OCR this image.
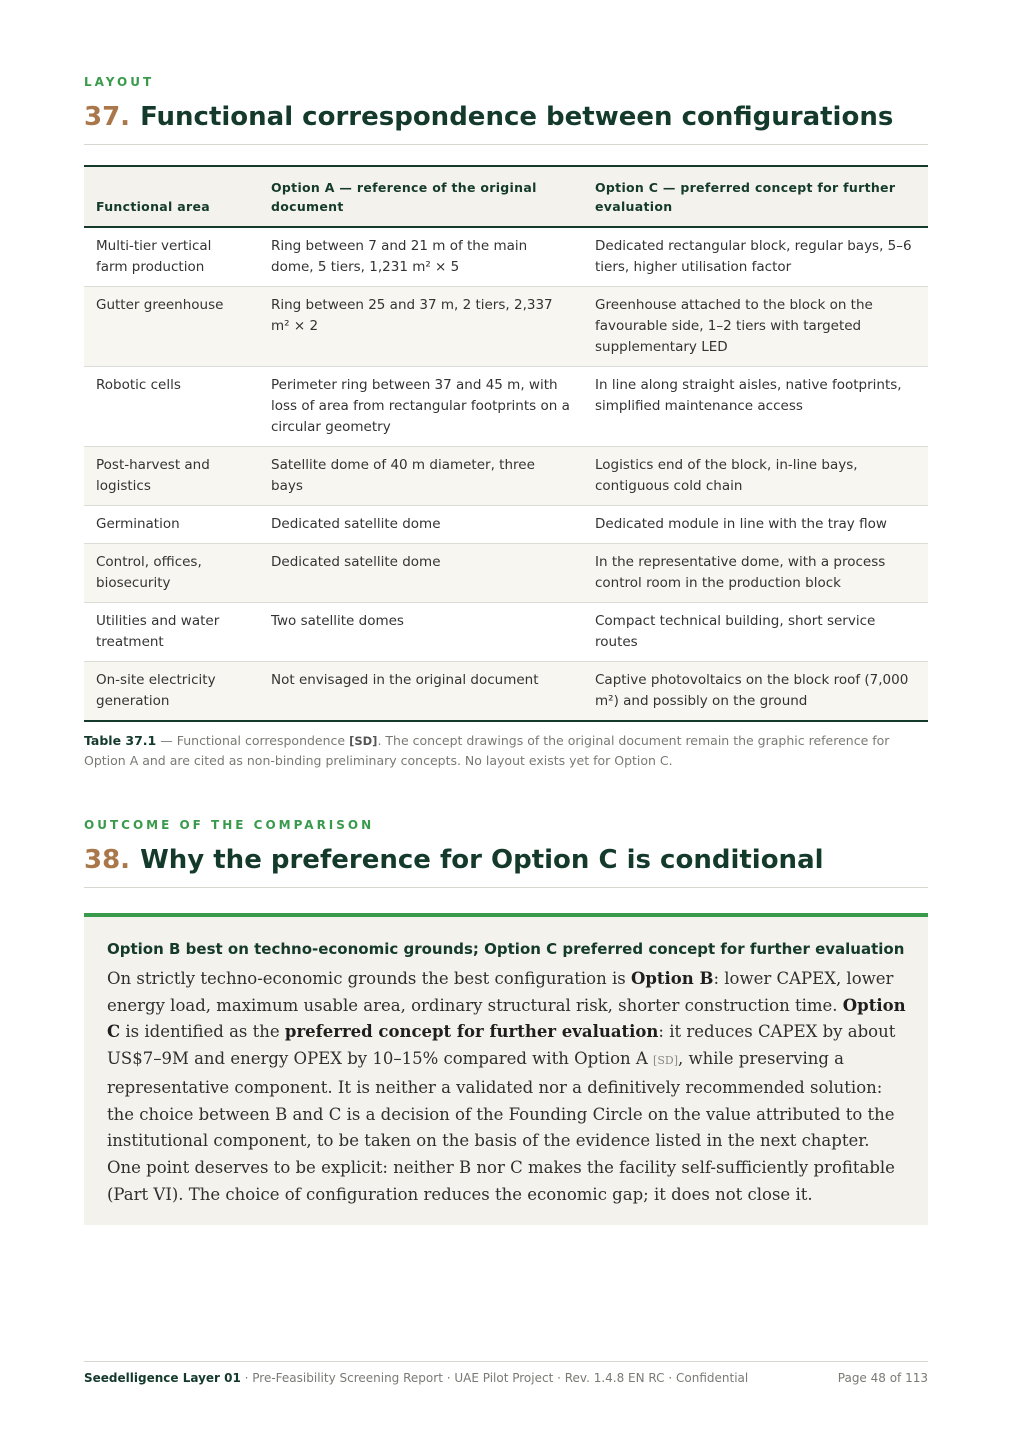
LAYOUT
37. Functional correspondence between configurations
Functional area	Option A — reference of the original document	Option C — preferred concept for further evaluation
Multi-tier vertical farm production	Ring between 7 and 21 m of the main dome, 5 tiers, 1,231 m² × 5	Dedicated rectangular block, regular bays, 5–6 tiers, higher utilisation factor
Gutter greenhouse	Ring between 25 and 37 m, 2 tiers, 2,337 m² × 2	Greenhouse attached to the block on the favourable side, 1–2 tiers with targeted supplementary LED
Robotic cells	Perimeter ring between 37 and 45 m, with loss of area from rectangular footprints on a circular geometry	In line along straight aisles, native footprints, simplified maintenance access
Post-harvest and logistics	Satellite dome of 40 m diameter, three bays	Logistics end of the block, in-line bays, contiguous cold chain
Germination	Dedicated satellite dome	Dedicated module in line with the tray flow
Control, offices, biosecurity	Dedicated satellite dome	In the representative dome, with a process control room in the production block
Utilities and water treatment	Two satellite domes	Compact technical building, short service routes
On-site electricity generation	Not envisaged in the original document	Captive photovoltaics on the block roof (7,000 m²) and possibly on the ground
Table 37.1 — Functional correspondence [SD]. The concept drawings of the original document remain the graphic reference for Option A and are cited as non-binding preliminary concepts. No layout exists yet for Option C.
OUTCOME OF THE COMPARISON
38. Why the preference for Option C is conditional
Option B best on techno-economic grounds; Option C preferred concept for further evaluation
On strictly techno-economic grounds the best configuration is Option B: lower CAPEX, lower energy load, maximum usable area, ordinary structural risk, shorter construction time. Option C is identified as the preferred concept for further evaluation: it reduces CAPEX by about US$7–9M and energy OPEX by 10–15% compared with Option A [SD], while preserving a representative component. It is neither a validated nor a definitively recommended solution: the choice between B and C is a decision of the Founding Circle on the value attributed to the institutional component, to be taken on the basis of the evidence listed in the next chapter. One point deserves to be explicit: neither B nor C makes the facility self-sufficiently profitable (Part VI). The choice of configuration reduces the economic gap; it does not close it.
Seedelligence Layer 01 · Pre-Feasibility Screening Report · UAE Pilot Project · Rev. 1.4.8 EN RC · Confidential	Page 48 of 113
